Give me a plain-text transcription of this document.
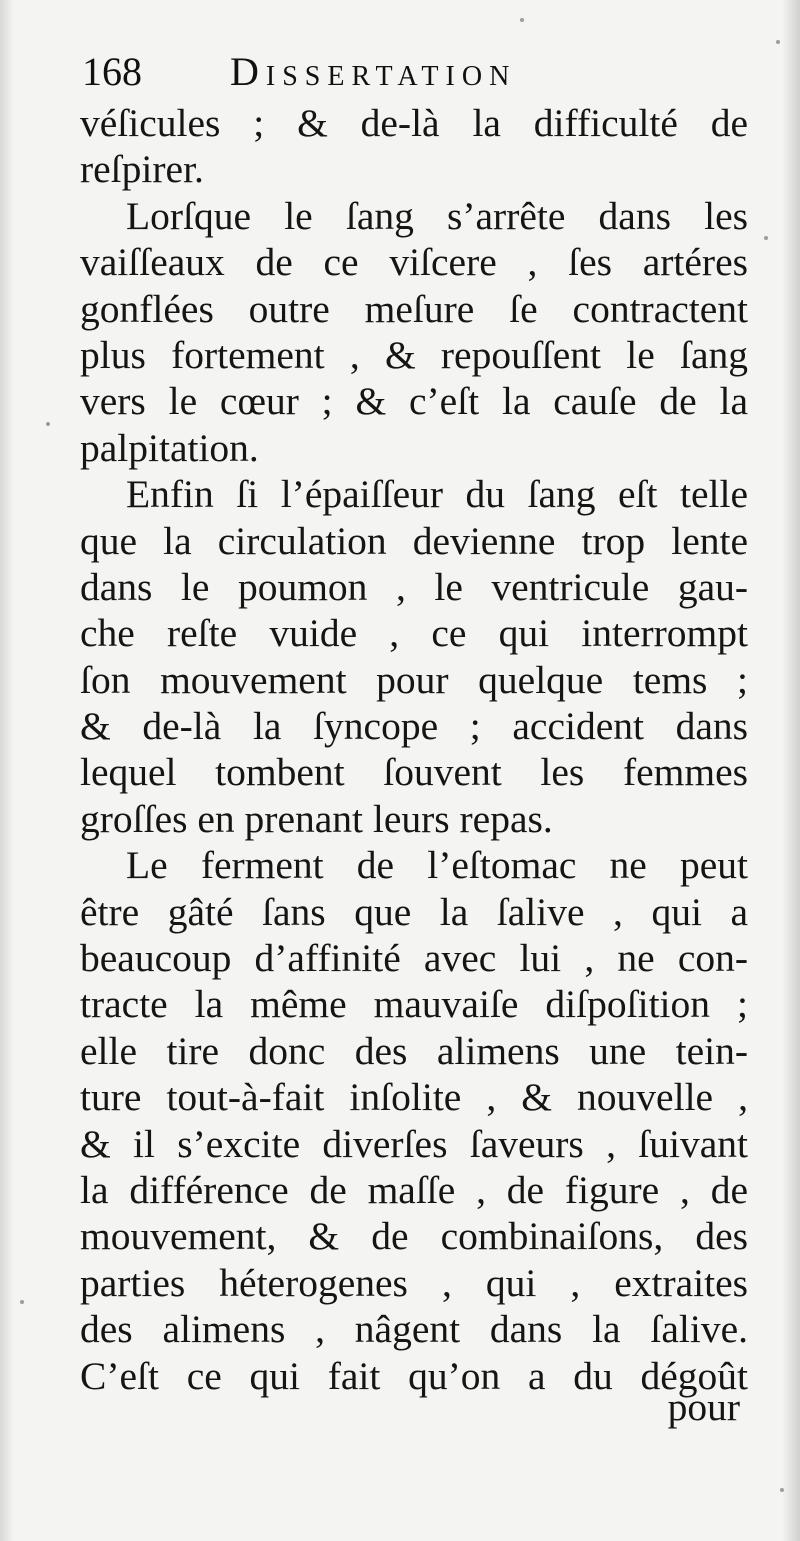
168 Dissertation
véſicules ; & de-là la difficulté de
reſpirer.
Lorſque le ſang s’arrête dans les
vaiſſeaux de ce viſcere , ſes artéres
gonflées outre meſure ſe contractent
plus fortement , & repouſſent le ſang
vers le cœur ; & c’eſt la cauſe de la
palpitation.
Enfin ſi l’épaiſſeur du ſang eſt telle
que la circulation devienne trop lente
dans le poumon , le ventricule gau-
che reſte vuide , ce qui interrompt
ſon mouvement pour quelque tems ;
& de-là la ſyncope ; accident dans
lequel tombent ſouvent les femmes
groſſes en prenant leurs repas.
Le ferment de l’eſtomac ne peut
être gâté ſans que la ſalive , qui a
beaucoup d’affinité avec lui , ne con-
tracte la même mauvaiſe diſpoſition ;
elle tire donc des alimens une tein-
ture tout-à-fait inſolite , & nouvelle ,
& il s’excite diverſes ſaveurs , ſuivant
la différence de maſſe , de figure , de
mouvement, & de combinaiſons, des
parties héterogenes , qui , extraites
des alimens , nâgent dans la ſalive.
C’eſt ce qui fait qu’on a du dégoût
pour
